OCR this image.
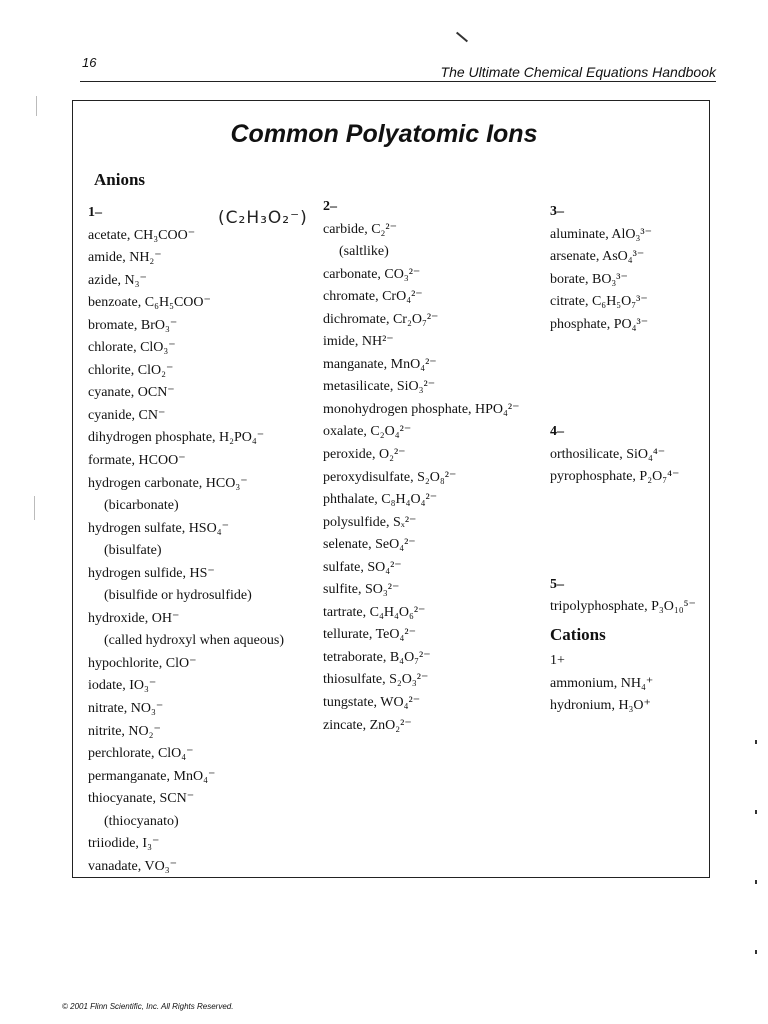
16
The Ultimate Chemical Equations Handbook
Common Polyatomic Ions
Anions
(C₂H₃O₂⁻)
1–
acetate, CH₃COO⁻
amide, NH₂⁻
azide, N₃⁻
benzoate, C₆H₅COO⁻
bromate, BrO₃⁻
chlorate, ClO₃⁻
chlorite, ClO₂⁻
cyanate, OCN⁻
cyanide, CN⁻
dihydrogen phosphate, H₂PO₄⁻
formate, HCOO⁻
hydrogen carbonate, HCO₃⁻
(bicarbonate)
hydrogen sulfate, HSO₄⁻
(bisulfate)
hydrogen sulfide, HS⁻
(bisulfide or hydrosulfide)
hydroxide, OH⁻
(called hydroxyl when aqueous)
hypochlorite, ClO⁻
iodate, IO₃⁻
nitrate, NO₃⁻
nitrite, NO₂⁻
perchlorate, ClO₄⁻
permanganate, MnO₄⁻
thiocyanate, SCN⁻
(thiocyanato)
triiodide, I₃⁻
vanadate, VO₃⁻
2–
carbide, C₂²⁻
(saltlike)
carbonate, CO₃²⁻
chromate, CrO₄²⁻
dichromate, Cr₂O₇²⁻
imide, NH²⁻
manganate, MnO₄²⁻
metasilicate, SiO₃²⁻
monohydrogen phosphate, HPO₄²⁻
oxalate, C₂O₄²⁻
peroxide, O₂²⁻
peroxydisulfate, S₂O₈²⁻
phthalate, C₈H₄O₄²⁻
polysulfide, Sₓ²⁻
selenate, SeO₄²⁻
sulfate, SO₄²⁻
sulfite, SO₃²⁻
tartrate, C₄H₄O₆²⁻
tellurate, TeO₄²⁻
tetraborate, B₄O₇²⁻
thiosulfate, S₂O₃²⁻
tungstate, WO₄²⁻
zincate, ZnO₂²⁻
3–
aluminate, AlO₃³⁻
arsenate, AsO₄³⁻
borate, BO₃³⁻
citrate, C₆H₅O₇³⁻
phosphate, PO₄³⁻
4–
orthosilicate, SiO₄⁴⁻
pyrophosphate, P₂O₇⁴⁻
5–
tripolyphosphate, P₃O₁₀⁵⁻
Cations
1+
ammonium, NH₄⁺
hydronium, H₃O⁺
© 2001 Flinn Scientific, Inc. All Rights Reserved.
